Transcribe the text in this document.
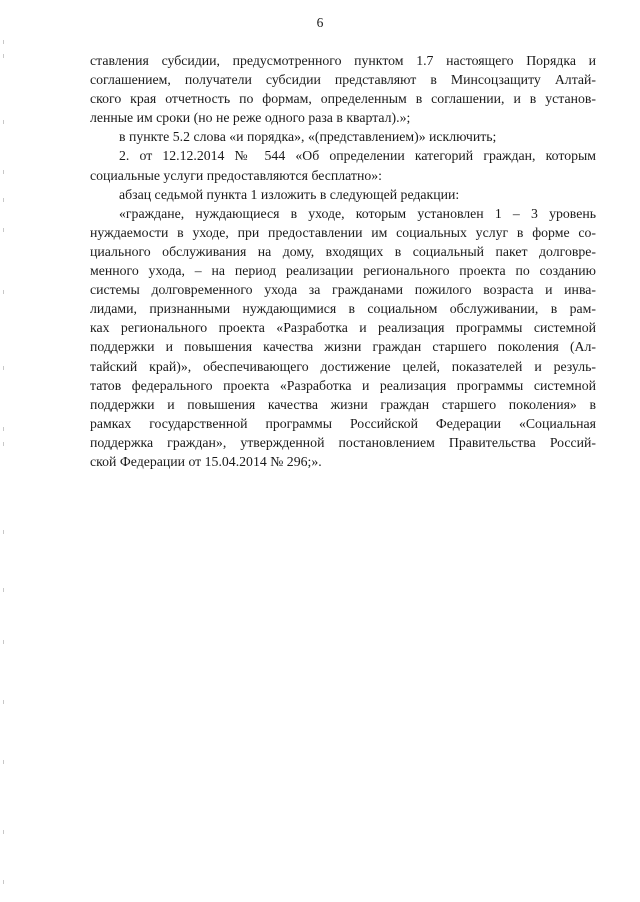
6
ставления субсидии, предусмотренного пунктом 1.7 настоящего Порядка и
соглашением, получатели субсидии представляют в Минсоцзащиту Алтай-
ского края отчетность по формам, определенным в соглашении, и в установ-
ленные им сроки (но не реже одного раза в квартал).»;
в пункте 5.2 слова «и порядка», «(представлением)» исключить;
2. от 12.12.2014 № 544 «Об определении категорий граждан, которым
социальные услуги предоставляются бесплатно»:
абзац седьмой пункта 1 изложить в следующей редакции:
«граждане, нуждающиеся в уходе, которым установлен 1 – 3 уровень
нуждаемости в уходе, при предоставлении им социальных услуг в форме со-
циального обслуживания на дому, входящих в социальный пакет долговре-
менного ухода, – на период реализации регионального проекта по созданию
системы долговременного ухода за гражданами пожилого возраста и инва-
лидами, признанными нуждающимися в социальном обслуживании, в рам-
ках регионального проекта «Разработка и реализация программы системной
поддержки и повышения качества жизни граждан старшего поколения (Ал-
тайский край)», обеспечивающего достижение целей, показателей и резуль-
татов федерального проекта «Разработка и реализация программы системной
поддержки и повышения качества жизни граждан старшего поколения» в
рамках государственной программы Российской Федерации «Социальная
поддержка граждан», утвержденной постановлением Правительства Россий-
ской Федерации от 15.04.2014 № 296;».
